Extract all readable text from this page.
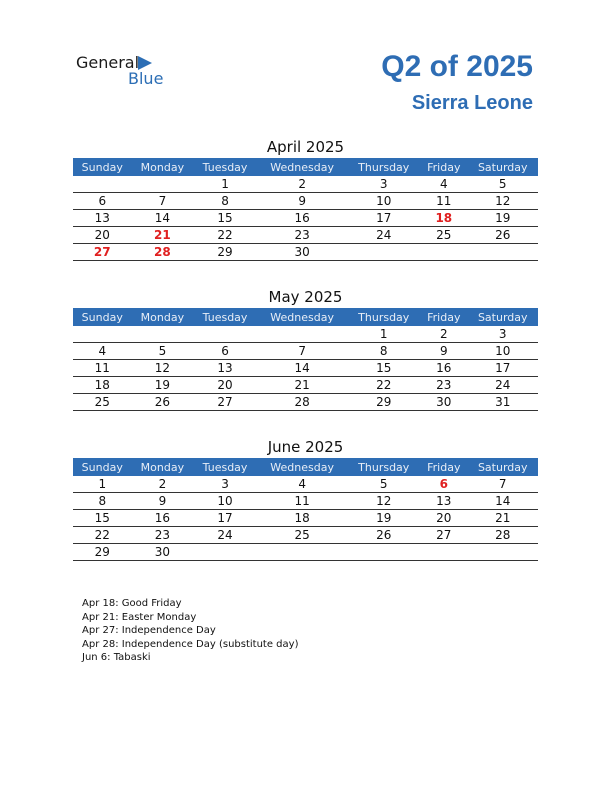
General
Blue	Q2 of 2025
Sierra Leone
April 2025
Sunday	Monday	Tuesday	Wednesday	Thursday	Friday	Saturday
		1	2	3	4	5
6	7	8	9	10	11	12
13	14	15	16	17	18	19
20	21	22	23	24	25	26
27	28	29	30			
May 2025
Sunday	Monday	Tuesday	Wednesday	Thursday	Friday	Saturday
				1	2	3
4	5	6	7	8	9	10
11	12	13	14	15	16	17
18	19	20	21	22	23	24
25	26	27	28	29	30	31
June 2025
Sunday	Monday	Tuesday	Wednesday	Thursday	Friday	Saturday
1	2	3	4	5	6	7
8	9	10	11	12	13	14
15	16	17	18	19	20	21
22	23	24	25	26	27	28
29	30					
Apr 18: Good Friday
Apr 21: Easter Monday
Apr 27: Independence Day
Apr 28: Independence Day (substitute day)
Jun 6: Tabaski
